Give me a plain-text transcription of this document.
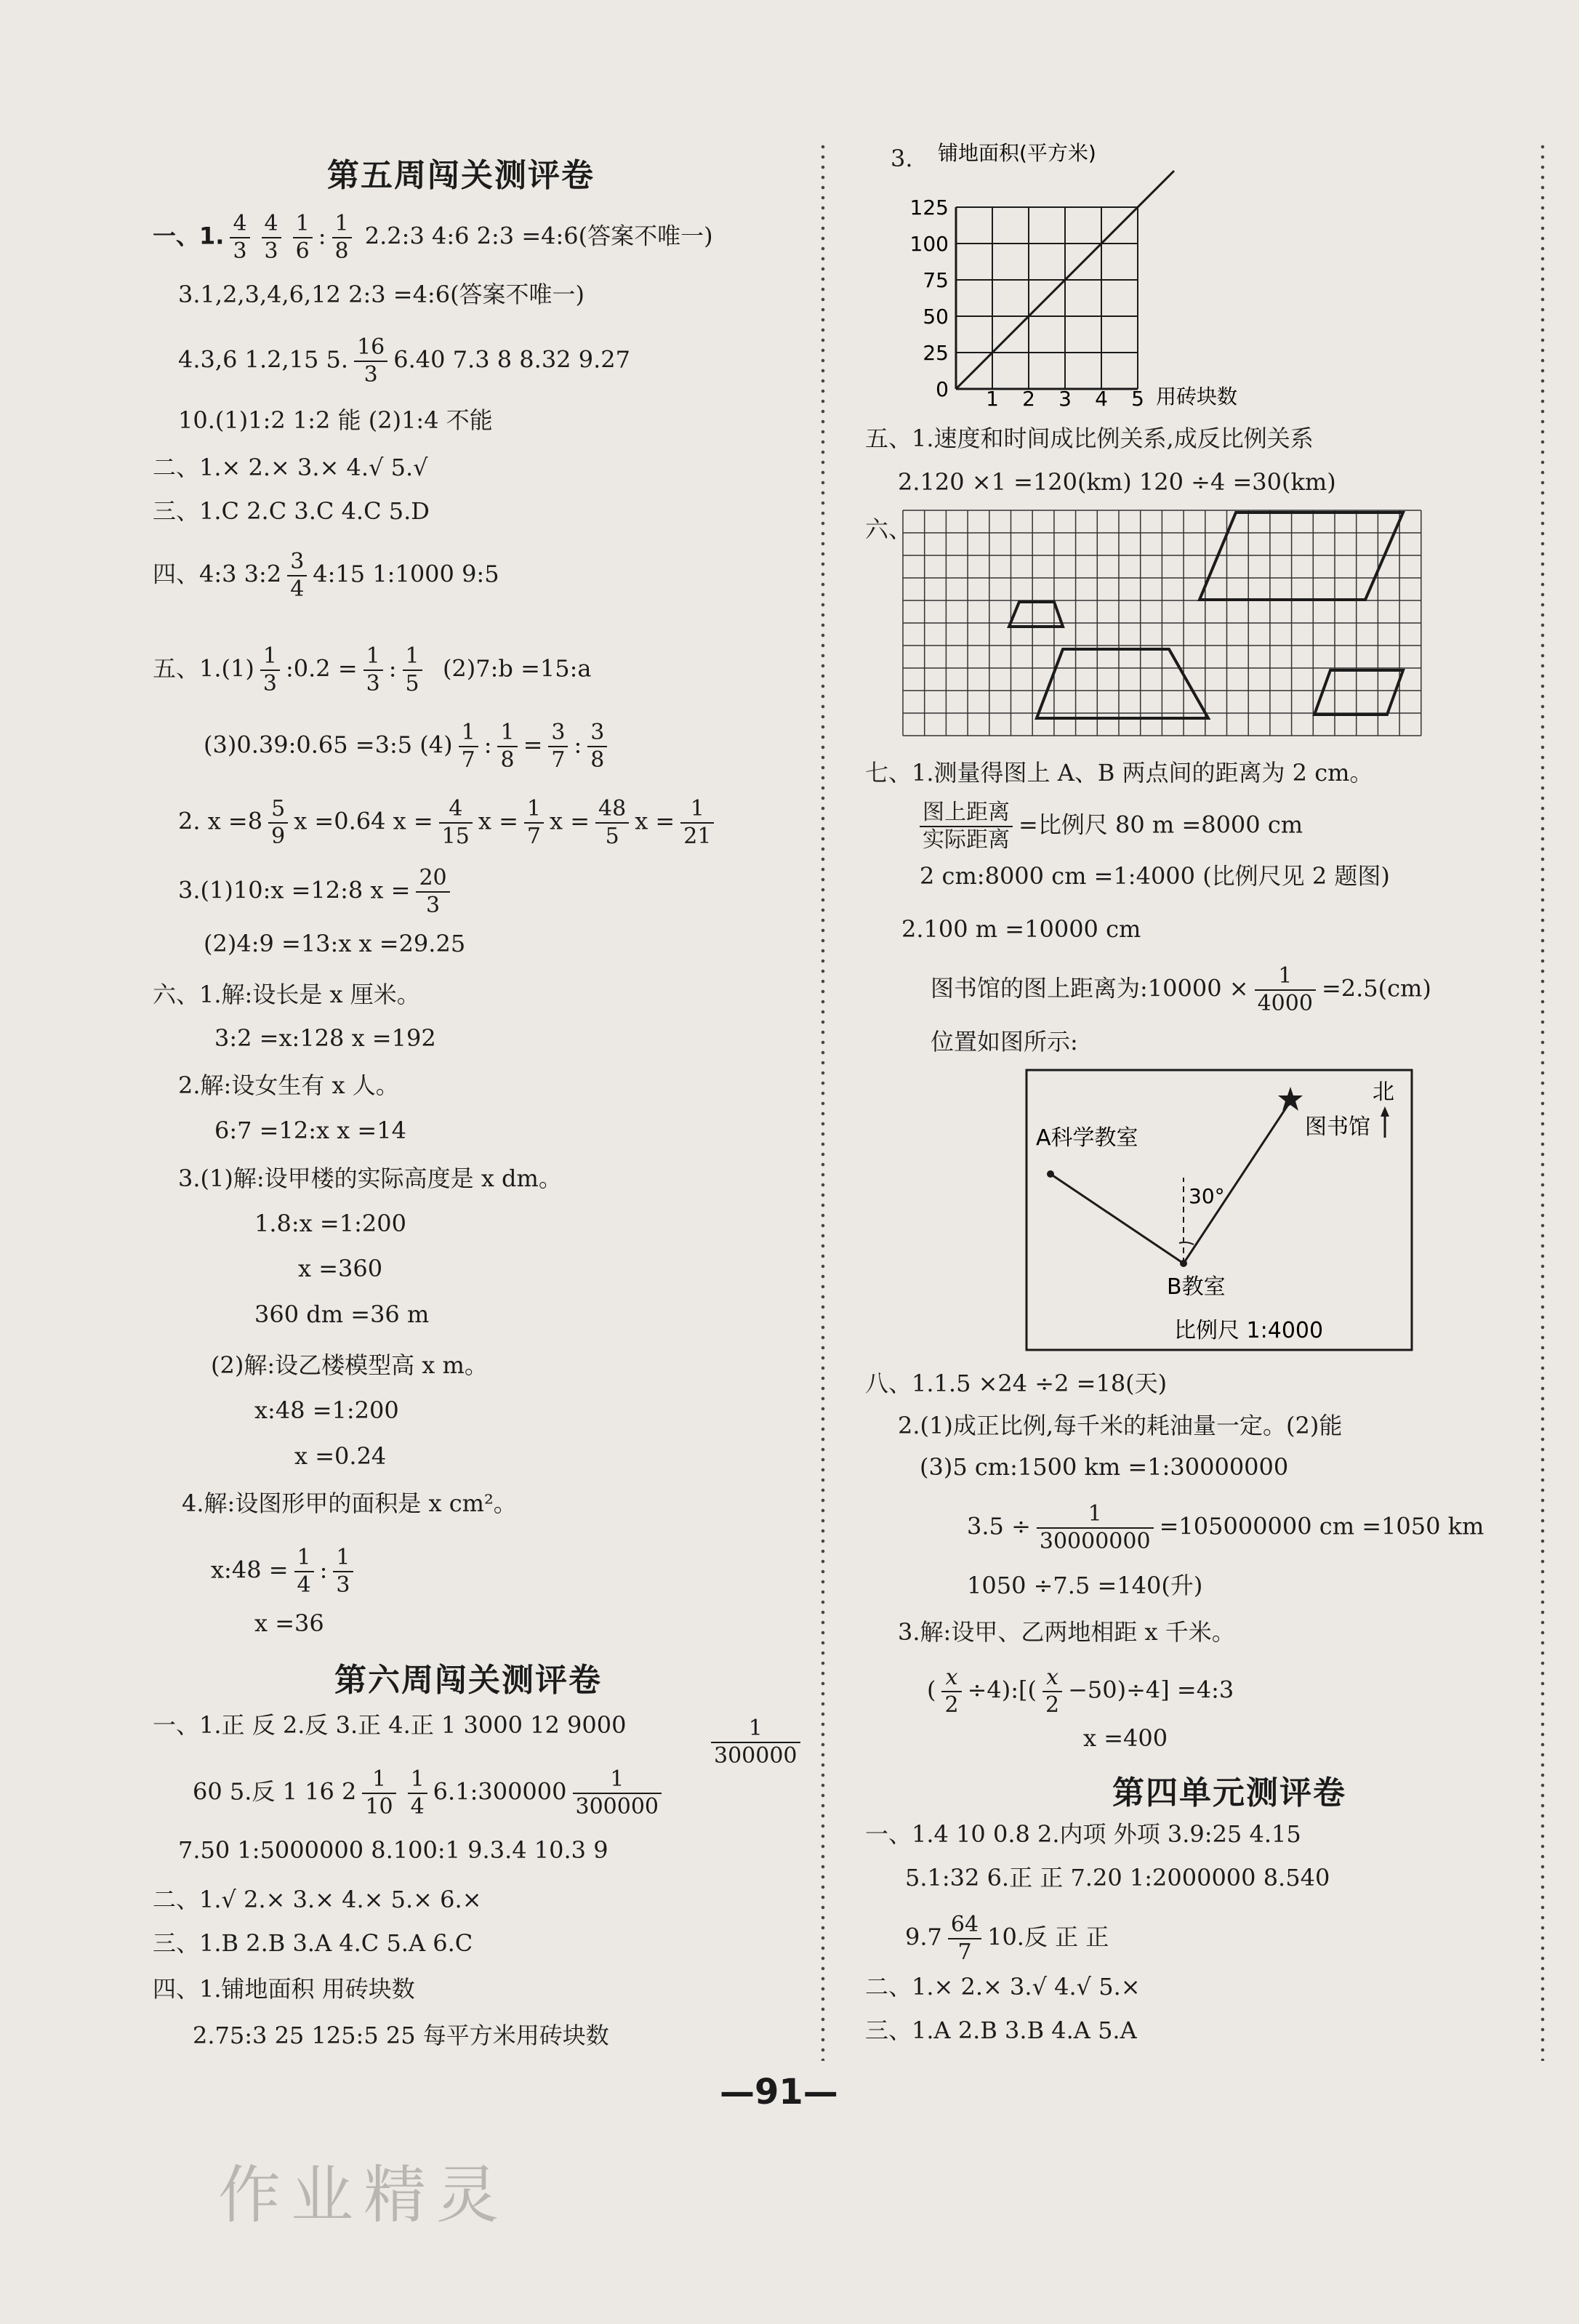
第五周闯关测评卷
一、1. $\frac{4}{3} \frac{4}{3} \frac{1}{6}$ : $\frac{1}{8}$ 2.2:3 4:6 2:3 =4:6(答案不唯一)
3.1,2,3,4,6,12 2:3 =4:6(答案不唯一)
4.3,6 1.2,15 5. $\frac{16}{3} 6.40$ 7.3 8 8.32 9.27
10.(1)1:2 1:2 能 (2)1:4 不能
二、1.× 2.× 3.× 4.√ 5.√
三、1.C 2.C 3.C 4.C 5.D
四、4:3 3:2 $\frac{3}{4}$ 4:15 1:1000 9:5
五、$1.(1) \frac{1}{3}$ :0.2 = $\frac{1}{3}$ : $\frac{1}{5}$ (2)7:b =15:a
(3)0.39:0.65 =3:5 $(4) \frac{1}{7}$ : $\frac{1}{8} = \frac{3}{7}$ : $\frac{3}{8}$
2. $x =8 \frac{5}{9}$ x =0.64 $x = \frac{4}{15}$ $x = \frac{1}{7}$ $x = \frac{48}{5}$ $x = \frac{1}{21}$
3.(1)10:x =12:8 $x = \frac{20}{3}$
(2)4:9 =13:x x =29.25
六、1.解:设长是 x 厘米。
3:2 =x:128 x =192
2.解:设女生有 x 人。
6:7 =12:x x =14
3.(1)解:设甲楼的实际高度是 x dm。
1.8:x =1:200
x =360
360 dm =36 m
(2)解:设乙楼模型高 x m。
x:48 =1:200
x =0.24
4.解:设图形甲的面积是 x cm²。
x:48 = $\frac{1}{4}$ : $\frac{1}{3}$
x =36
第六周闯关测评卷
一、1.正 反 2.反 3.正 4.正 1 3000 12 9000	1
300000
60 5.反 1 16 $2 \frac{1}{10} \frac{1}{4}$ 6.1:300000 $\frac{1}{300000}$
7.50 1:5000000 8.100:1 9.3.4 10.3 9
二、1.√ 2.× 3.× 4.× 5.× 6.×
三、1.B 2.B 3.A 4.C 5.A 6.C
四、1.铺地面积 用砖块数
2.75:3 25 125:5 25 每平方米用砖块数
3. 铺地面积(平方米)
0
25
50
75
100
125
1 2 3 4 5 用砖块数
五、1.速度和时间成比例关系,成反比例关系
2.120 ×1 =120(km) 120 ÷4 =30(km)
六、
七、1.测量得图上 A、B 两点间的距离为 2 cm。
图上距离
实际距离
=比例尺 80 m =8000 cm
2 cm:8000 cm =1:4000 (比例尺见 2 题图)
2.100 m =10000 cm
图书馆的图上距离为:10000 × $\frac{1}{4000} =2.5(cm)$
位置如图所示:
30°
图书馆
北
A科学教室
B教室
比例尺 1:4000
八、1.1.5 ×24 ÷2 =18(天)
2.(1)成正比例,每千米的耗油量一定。(2)能
(3)5 cm:1500 km =1:30000000
$3.5 \div \frac{1}{30000000} =105000000$ cm =1050 km
1050 ÷7.5 =140(升)
3.解:设甲、乙两地相距 x 千米。
( $\frac{x}{2}$ ÷4):[( $\frac{x}{2} -50)\div 4$] =4:3
x =400
第四单元测评卷
一、1.4 10 0.8 2.内项 外项 3.9:25 4.15
5.1:32 6.正 正 7.20 1:2000000 8.540
$9.7 \frac{64}{7} 10$.反 正 正
二、1.× 2.× 3.√ 4.√ 5.×
三、1.A 2.B 3.B 4.A 5.A
—91—
作业精灵
